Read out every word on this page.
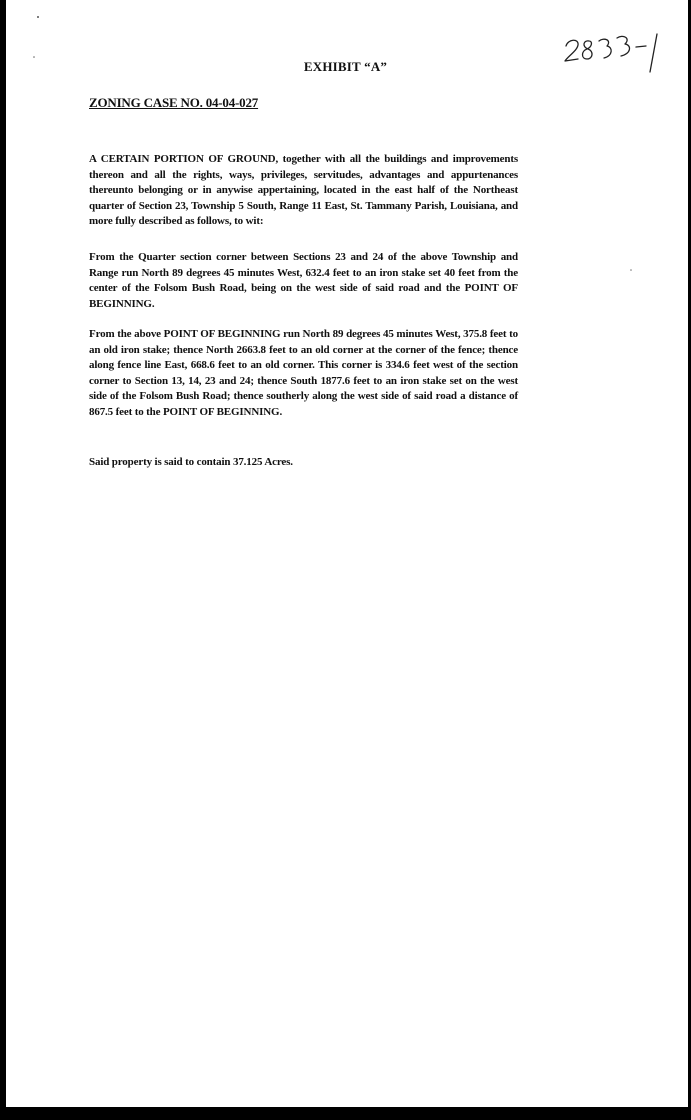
EXHIBIT “A”
ZONING CASE NO. 04-04-027
A CERTAIN PORTION OF GROUND, together with all the buildings and improvements thereon and all the rights, ways, privileges, servitudes, advantages and appurtenances thereunto belonging or in anywise appertaining, located in the east half of the Northeast quarter of Section 23, Township 5 South, Range 11 East, St. Tammany Parish, Louisiana, and more fully described as follows, to wit:
From the Quarter section corner between Sections 23 and 24 of the above Township and Range run North 89 degrees 45 minutes West, 632.4 feet to an iron stake set 40 feet from the center of the Folsom Bush Road, being on the west side of said road and the POINT OF BEGINNING.
From the above POINT OF BEGINNING run North 89 degrees 45 minutes West, 375.8 feet to an old iron stake; thence North 2663.8 feet to an old corner at the corner of the fence; thence along fence line East, 668.6 feet to an old corner. This corner is 334.6 feet west of the section corner to Section 13, 14, 23 and 24; thence South 1877.6 feet to an iron stake set on the west side of the Folsom Bush Road; thence southerly along the west side of said road a distance of 867.5 feet to the POINT OF BEGINNING.
Said property is said to contain 37.125 Acres.
